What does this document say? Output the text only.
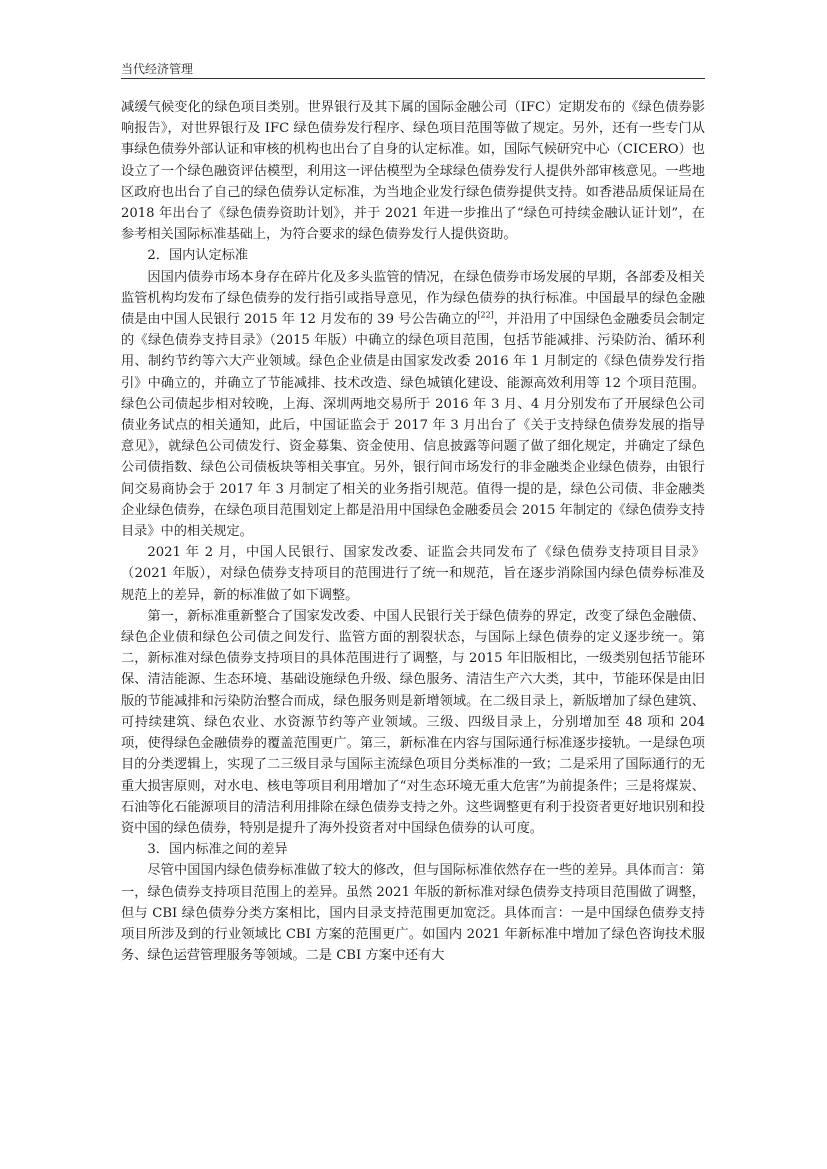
当代经济管理

减缓气候变化的绿色项目类别。世界银行及其下属的国际金融公司（IFC）定期发布的《绿色债券影响报告》，对世界银行及 IFC 绿色债券发行程序、绿色项目范围等做了规定。另外，还有一些专门从事绿色债券外部认证和审核的机构也出台了自身的认定标准。如，国际气候研究中心（CICERO）也设立了一个绿色融资评估模型，利用这一评估模型为全球绿色债券发行人提供外部审核意见。一些地区政府也出台了自己的绿色债券认定标准，为当地企业发行绿色债券提供支持。如香港品质保证局在 2018 年出台了《绿色债券资助计划》，并于 2021 年进一步推出了“绿色可持续金融认证计划”，在参考相关国际标准基础上，为符合要求的绿色债券发行人提供资助。

2．国内认定标准

因国内债券市场本身存在碎片化及多头监管的情况，在绿色债券市场发展的早期，各部委及相关监管机构均发布了绿色债券的发行指引或指导意见，作为绿色债券的执行标准。中国最早的绿色金融债是由中国人民银行 2015 年 12 月发布的 39 号公告确立的[22]，并沿用了中国绿色金融委员会制定的《绿色债券支持目录》（2015 年版）中确立的绿色项目范围，包括节能减排、污染防治、循环利用、制约节约等六大产业领域。绿色企业债是由国家发改委 2016 年 1 月制定的《绿色债券发行指引》中确立的，并确立了节能减排、技术改造、绿色城镇化建设、能源高效利用等 12 个项目范围。绿色公司债起步相对较晚，上海、深圳两地交易所于 2016 年 3 月、4 月分别发布了开展绿色公司债业务试点的相关通知，此后，中国证监会于 2017 年 3 月出台了《关于支持绿色债券发展的指导意见》，就绿色公司债发行、资金募集、资金使用、信息披露等问题了做了细化规定，并确定了绿色公司债指数、绿色公司债板块等相关事宜。另外，银行间市场发行的非金融类企业绿色债券，由银行间交易商协会于 2017 年 3 月制定了相关的业务指引规范。值得一提的是，绿色公司债、非金融类企业绿色债券，在绿色项目范围划定上都是沿用中国绿色金融委员会 2015 年制定的《绿色债券支持目录》中的相关规定。

2021 年 2 月，中国人民银行、国家发改委、证监会共同发布了《绿色债券支持项目目录》（2021 年版），对绿色债券支持项目的范围进行了统一和规范，旨在逐步消除国内绿色债券标准及规范上的差异，新的标准做了如下调整。

第一，新标准重新整合了国家发改委、中国人民银行关于绿色债券的界定，改变了绿色金融债、绿色企业债和绿色公司债之间发行、监管方面的割裂状态，与国际上绿色债券的定义逐步统一。第二，新标准对绿色债券支持项目的具体范围进行了调整，与 2015 年旧版相比，一级类别包括节能环保、清洁能源、生态环境、基础设施绿色升级、绿色服务、清洁生产六大类，其中，节能环保是由旧版的节能减排和污染防治整合而成，绿色服务则是新增领域。在二级目录上，新版增加了绿色建筑、可持续建筑、绿色农业、水资源节约等产业领域。三级、四级目录上，分别增加至 48 项和 204 项，使得绿色金融债券的覆盖范围更广。第三，新标准在内容与国际通行标准逐步接轨。一是绿色项目的分类逻辑上，实现了二三级目录与国际主流绿色项目分类标准的一致；二是采用了国际通行的无重大损害原则，对水电、核电等项目利用增加了“对生态环境无重大危害”为前提条件；三是将煤炭、石油等化石能源项目的清洁利用排除在绿色债券支持之外。这些调整更有利于投资者更好地识别和投资中国的绿色债券，特别是提升了海外投资者对中国绿色债券的认可度。

3．国内标准之间的差异

尽管中国国内绿色债券标准做了较大的修改，但与国际标准依然存在一些的差异。具体而言：第一，绿色债券支持项目范围上的差异。虽然 2021 年版的新标准对绿色债券支持项目范围做了调整，但与 CBI 绿色债券分类方案相比，国内目录支持范围更加宽泛。具体而言：一是中国绿色债券支持项目所涉及到的行业领域比 CBI 方案的范围更广。如国内 2021 年新标准中增加了绿色咨询技术服务、绿色运营管理服务等领域。二是 CBI 方案中还有大
